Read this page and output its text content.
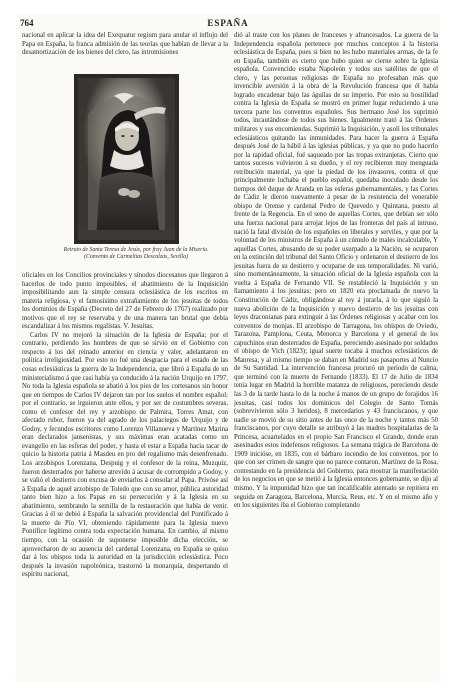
764	ESPAÑA

nacional en aplicar la idea del Exequatur regium para anular el influjo del Papa en España, la franca admisión de las teorías que habían de llevar a la desamortización de los bienes del clero, las intromisiones

Retrato de Santa Teresa de Jesús, por fray Juan de la Miseria. (Convento de Carmelitas Descalzas, Sevilla)

oficiales en los Concilios provinciales y sínodos diocesanos que llegaron á hacerlos de todo punto imposibles, el abatimiento de la Inquisición imposibilitando aun la simple censura eclesiástica de los escritos en materia religiosa, y el famosísimo extrañamiento de los jesuitas de todos los dominios de España (Decreto del 27 de Febrero de 1767) realizado por motivos que el rey se reservaba y de una manera tan brutal que debía escandalizar á los mismos regalistas. V. Jesuítas.

Carlos IV no mejoró la situación de la Iglesia de España; por el contrario, perdiendo los hombres de que se sirvió en el Gobierno con respecto á los del reinado anterior en ciencia y valer, adelantaron en política irreligiosidad. Por esto no fué una desgracia para el estado de las cosas eclesiásticas la guerra de la Independencia, que libró á España de un ministerialismo á que casi había ya conducido á la nación Urquijo en 1797. No toda la Iglesia española se abatió á los pies de los cortesanos sin honor que en tiempos de Carlos IV dejaron tan por los suelos el nombre español: por el contrario, se irguieron ante ellos, y por ser de costumbres severas, como el confesor del rey y arzobispo de Palmira, Torres Amat, con afectado rubor, fueron ya del agrado de los palaciegos de Urquijo y de Godoy, y fecundos escritores como Lorenzo Villanueva y Martínez Marina eran declarados jansenistas, y sus máximas eran acatadas como un evangelio en las esferas del poder, y hasta el estar a España hacia tacar de quicio la historia patria á Masdeu en pro del regalismo más desenfrenado. Los arzobispos Lorenzana, Despuig y el confesor de la reina, Muzquiz, fueron desterrados por haberse atrevido á acusar de corrompido a Godoy, y se valió el destierro con excusa de enviarlos á consolar al Papa. Privóse así á España de aquel arzobispo de Toledo que con su amor, pública autoridad tanto bien hizo a los Papas en su persecución y á la Iglesia en su abatimiento, sembrando la semilla de la restauración que había de venir. Gracias á él se debió á España la salvación providencial del Pontificado á la muerte de Pío VI, obteniendo rápidamente para la Iglesia nuevo Pontífice legítimo contra toda expectación humana. En cambio, al mismo tiempo, con la ocasión de suponerse imposible dicha elección, se aprovecharon de su ausencia del cardenal Lorenzana, en España se quiso dar á los obispos toda la autoridad en la jurisdicción eclesiástica. Poco después la invasión napoleónica, trastornó la monarquía, despertando el espíritu nacional,

dió al traste con los planes de franceses y afrancesados. La guerra de la Independencia española pertenece por muchos conceptos á la historia eclesiástica de España, pues si bien no les hubo materiales armas, de la fe en España, también es cierto que hubo quien se cierne sobre la Iglesia española. Convencido estaba Napoleón y todos sus satélites de que el clero, y las personas religiosas de España no profesaban más que invencible aversión á la obra de la Revolución francesa que él había logrado encadenar bajo las águilas de su imperio. Por esto su hostilidad contra la Iglesia de España se mostró en primer lugar reduciendo á una tercera parte los conventos españoles. Sus hermano José los suprimió todos, incautándose de todos sus bienes. Igualmente trató á las Órdenes militares y sus encomiendas. Suprimió la Inquisición, y asolí los tribunales eclesiásticos quitando las inmunidades. Para hacer la guerra á España después José de la hábil á las iglesias públicas, y ya que no pudo hacerlo por la rapidad oficial, fué saqueado por las tropas extranjeras. Cierto que tantos sucesos volvieron á su dueño, y el rey recibieron muy menguada retribución material, ya que la piedad de los invasores, contra el que principalmente luchaba el pueblo español, quedaba inoculado desde los tiempos del duque de Aranda en las esferas gubernamentales, y las Cortes de Cádiz le dieron nuevamente á pesar de la resistencia del venerable obispo de Orense y cardenal Pedro de Quevedo y Quintana, puesto al frente de la Regencia. En el seno de aquellas Cortes, que debían ser sólo una fuerza nacional para arrojar lejos de las fronteras del país al intruso, nació la fatal división de los españoles en liberales y serviles, y que por la voluntad de los ministros de España á un cúmulo de males incalculable, Y aquellas Cortes, abusando de su poder usurpado a la Nación, se ocuparon en la extinción del tribunal del Santo Oficio y ordenaron el destierro de los jesuitas fuera de su destierro y ocuparse de sus temporalidades. Ni varió, sino momentáneamente, la situación oficial de la Iglesia española con la vuelta á España de Fernando VII. Se restableció la Inquisición y un llamamiento á los jesuitas; pero en 1820 era proclamada de nuevo la Constitución de Cádiz, obligándose al rey á jurarla, á lo que siguió la nueva abolición de la Inquisición y nuevo destierro de los jesuitas con leyes draconianas para extinguir á las Órdenes religiosas y acabar con los conventos de monjas. El arzobispo de Tarragona, los obispos de Oviedo, Tarazona, Pamplona, Ceuta, Menorca y Barcelona y el general de los capuchinos eran desterrados de España, pereciendo asesinado por soldados el obispo de Vich (1823); igual suerte tocaba á muchos eclesiásticos de Manresa, y al mismo tiempo se daban en Madrid sus pasaportes al Nuncio de Su Santidad. La intervención francesa procuró un periodo de calma, que terminó con la muerte de Fernando (1833). El 17 de Julio de 1834 tenía lugar en Madrid la horrible matanza de religiosos, pereciendo desde las 3 de la tarde hasta lo de la noche á manos de un grupo de forajidos 16 jesuitas, casi todos los dominicos del Colegio de Santo Tomás (sobrevivieron sólo 3 heridos), 8 mercedarios y 43 franciscanos, y que nadie se movió de su sitio antes de las once de la noche y tantos más 50 franciscanos, por cuyo detalle se atribuyó á las madres hospitalarias de la Princesa, acuartelados en el propio San Francisco el Grande, donde eran asesinados estos indefensos religiosos. La semana trágica de Barcelona de 1909 inicióse, en 1835, con el bárbaro incendio de los conventos, por lo que con ser crimen de sangre que no parece contaron. Martínez de la Rosa, contestando en la presidencia del Gobierno, para mostrar la manifestación de los negocios en que se metió á la Iglesia entonces gobernante, se dijo al mismo. Y la impunidad hizo que tan incalificable atentado se repitiera en seguida en Zaragoza, Barcelona, Murcia, Reus, etc. Y en el mismo año y en los siguientes iba el Gobierno completando
